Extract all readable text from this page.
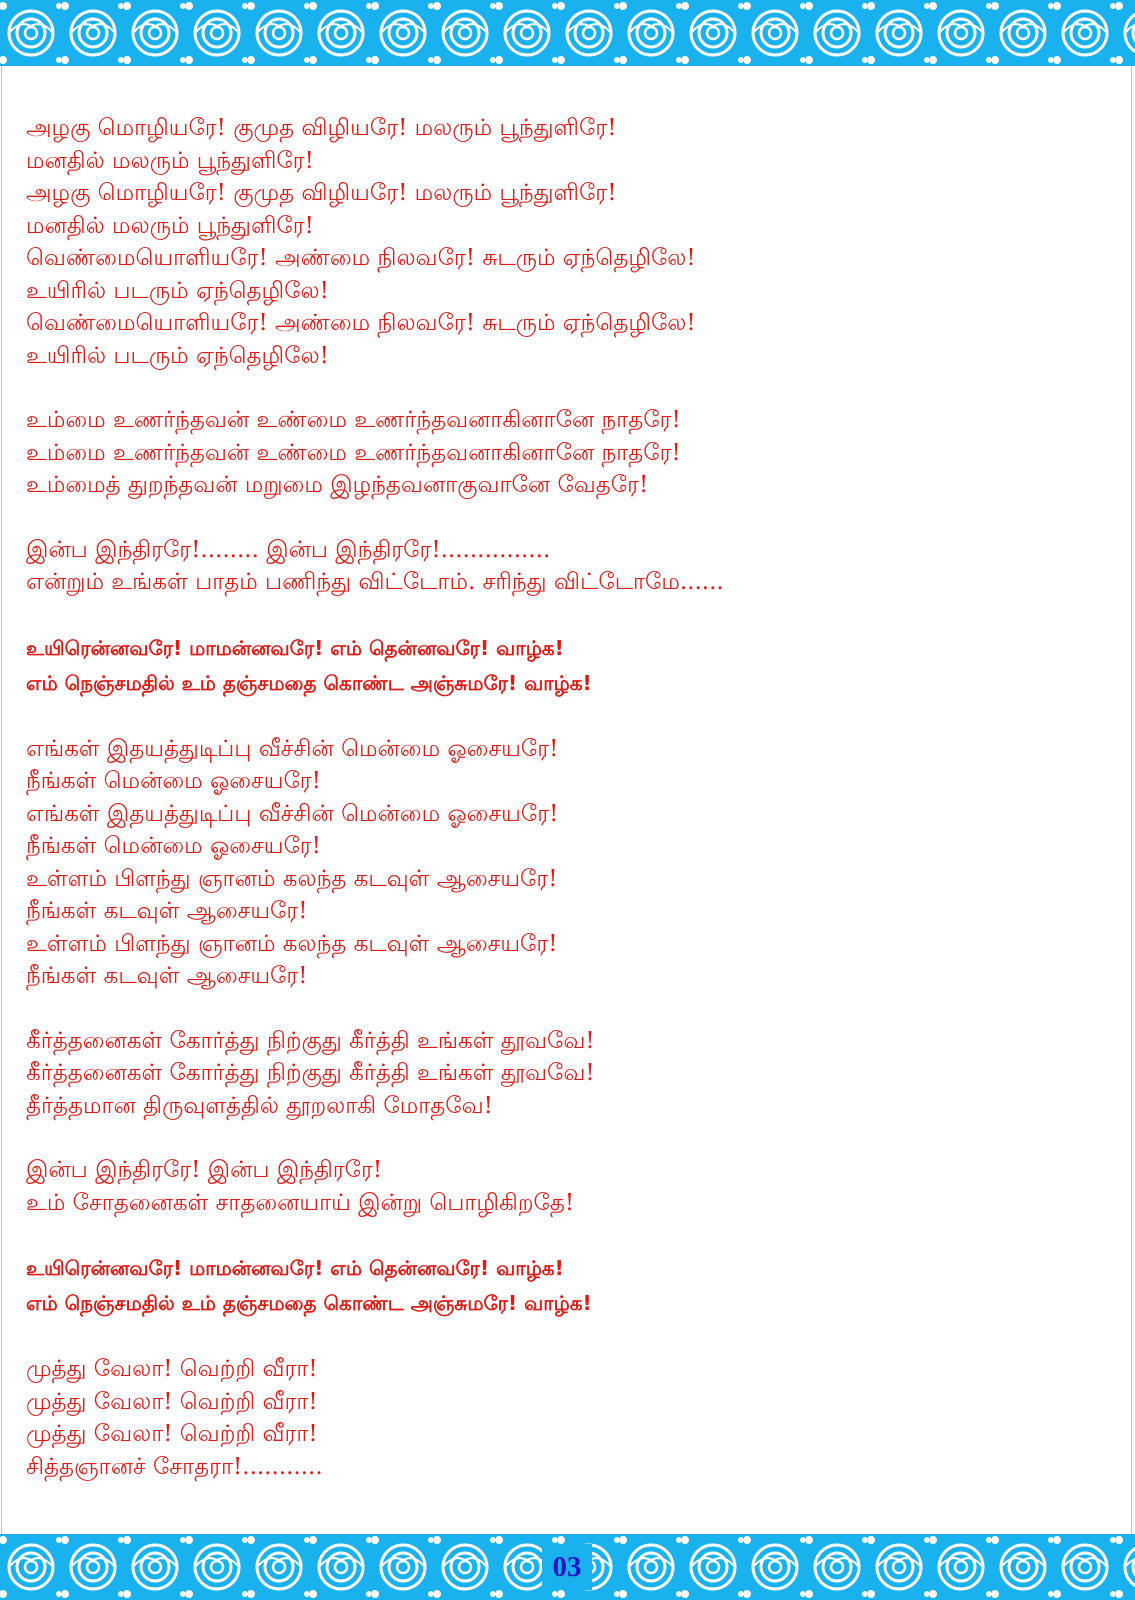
அழகு மொழியரே! குமுத விழியரே! மலரும் பூந்துளிரே!
மனதில் மலரும் பூந்துளிரே!
அழகு மொழியரே! குமுத விழியரே! மலரும் பூந்துளிரே!
மனதில் மலரும் பூந்துளிரே!
வெண்மையொளியரே! அண்மை நிலவரே! சுடரும் ஏந்தெழிலே!
உயிரில் படரும் ஏந்தெழிலே!
வெண்மையொளியரே! அண்மை நிலவரே! சுடரும் ஏந்தெழிலே!
உயிரில் படரும் ஏந்தெழிலே!
உம்மை உணர்ந்தவன் உண்மை உணர்ந்தவனாகினானே நாதரே!
உம்மை உணர்ந்தவன் உண்மை உணர்ந்தவனாகினானே நாதரே!
உம்மைத் துறந்தவன் மறுமை இழந்தவனாகுவானே வேதரே!
இன்ப இந்திரரே!........ இன்ப இந்திரரே!...............
என்றும் உங்கள் பாதம் பணிந்து விட்டோம். சரிந்து விட்டோமே......
உயிரென்னவரே! மாமன்னவரே! எம் தென்னவரே! வாழ்க!
எம் நெஞ்சமதில் உம் தஞ்சமதை கொண்ட அஞ்சுமரே! வாழ்க!
எங்கள் இதயத்துடிப்பு வீச்சின் மென்மை ஓசையரே!
நீங்கள் மென்மை ஓசையரே!
எங்கள் இதயத்துடிப்பு வீச்சின் மென்மை ஓசையரே!
நீங்கள் மென்மை ஓசையரே!
உள்ளம் பிளந்து ஞானம் கலந்த கடவுள் ஆசையரே!
நீங்கள் கடவுள் ஆசையரே!
உள்ளம் பிளந்து ஞானம் கலந்த கடவுள் ஆசையரே!
நீங்கள் கடவுள் ஆசையரே!
கீர்த்தனைகள் கோர்த்து நிற்குது கீர்த்தி உங்கள் தூவவே!
கீர்த்தனைகள் கோர்த்து நிற்குது கீர்த்தி உங்கள் தூவவே!
தீர்த்தமான திருவுளத்தில் தூறலாகி மோதவே!
இன்ப இந்திரரே! இன்ப இந்திரரே!
உம் சோதனைகள் சாதனையாய் இன்று பொழிகிறதே!
உயிரென்னவரே! மாமன்னவரே! எம் தென்னவரே! வாழ்க!
எம் நெஞ்சமதில் உம் தஞ்சமதை கொண்ட அஞ்சுமரே! வாழ்க!
முத்து வேலா! வெற்றி வீரா!
முத்து வேலா! வெற்றி வீரா!
முத்து வேலா! வெற்றி வீரா!
சித்தஞானச் சோதரா!...........
03
